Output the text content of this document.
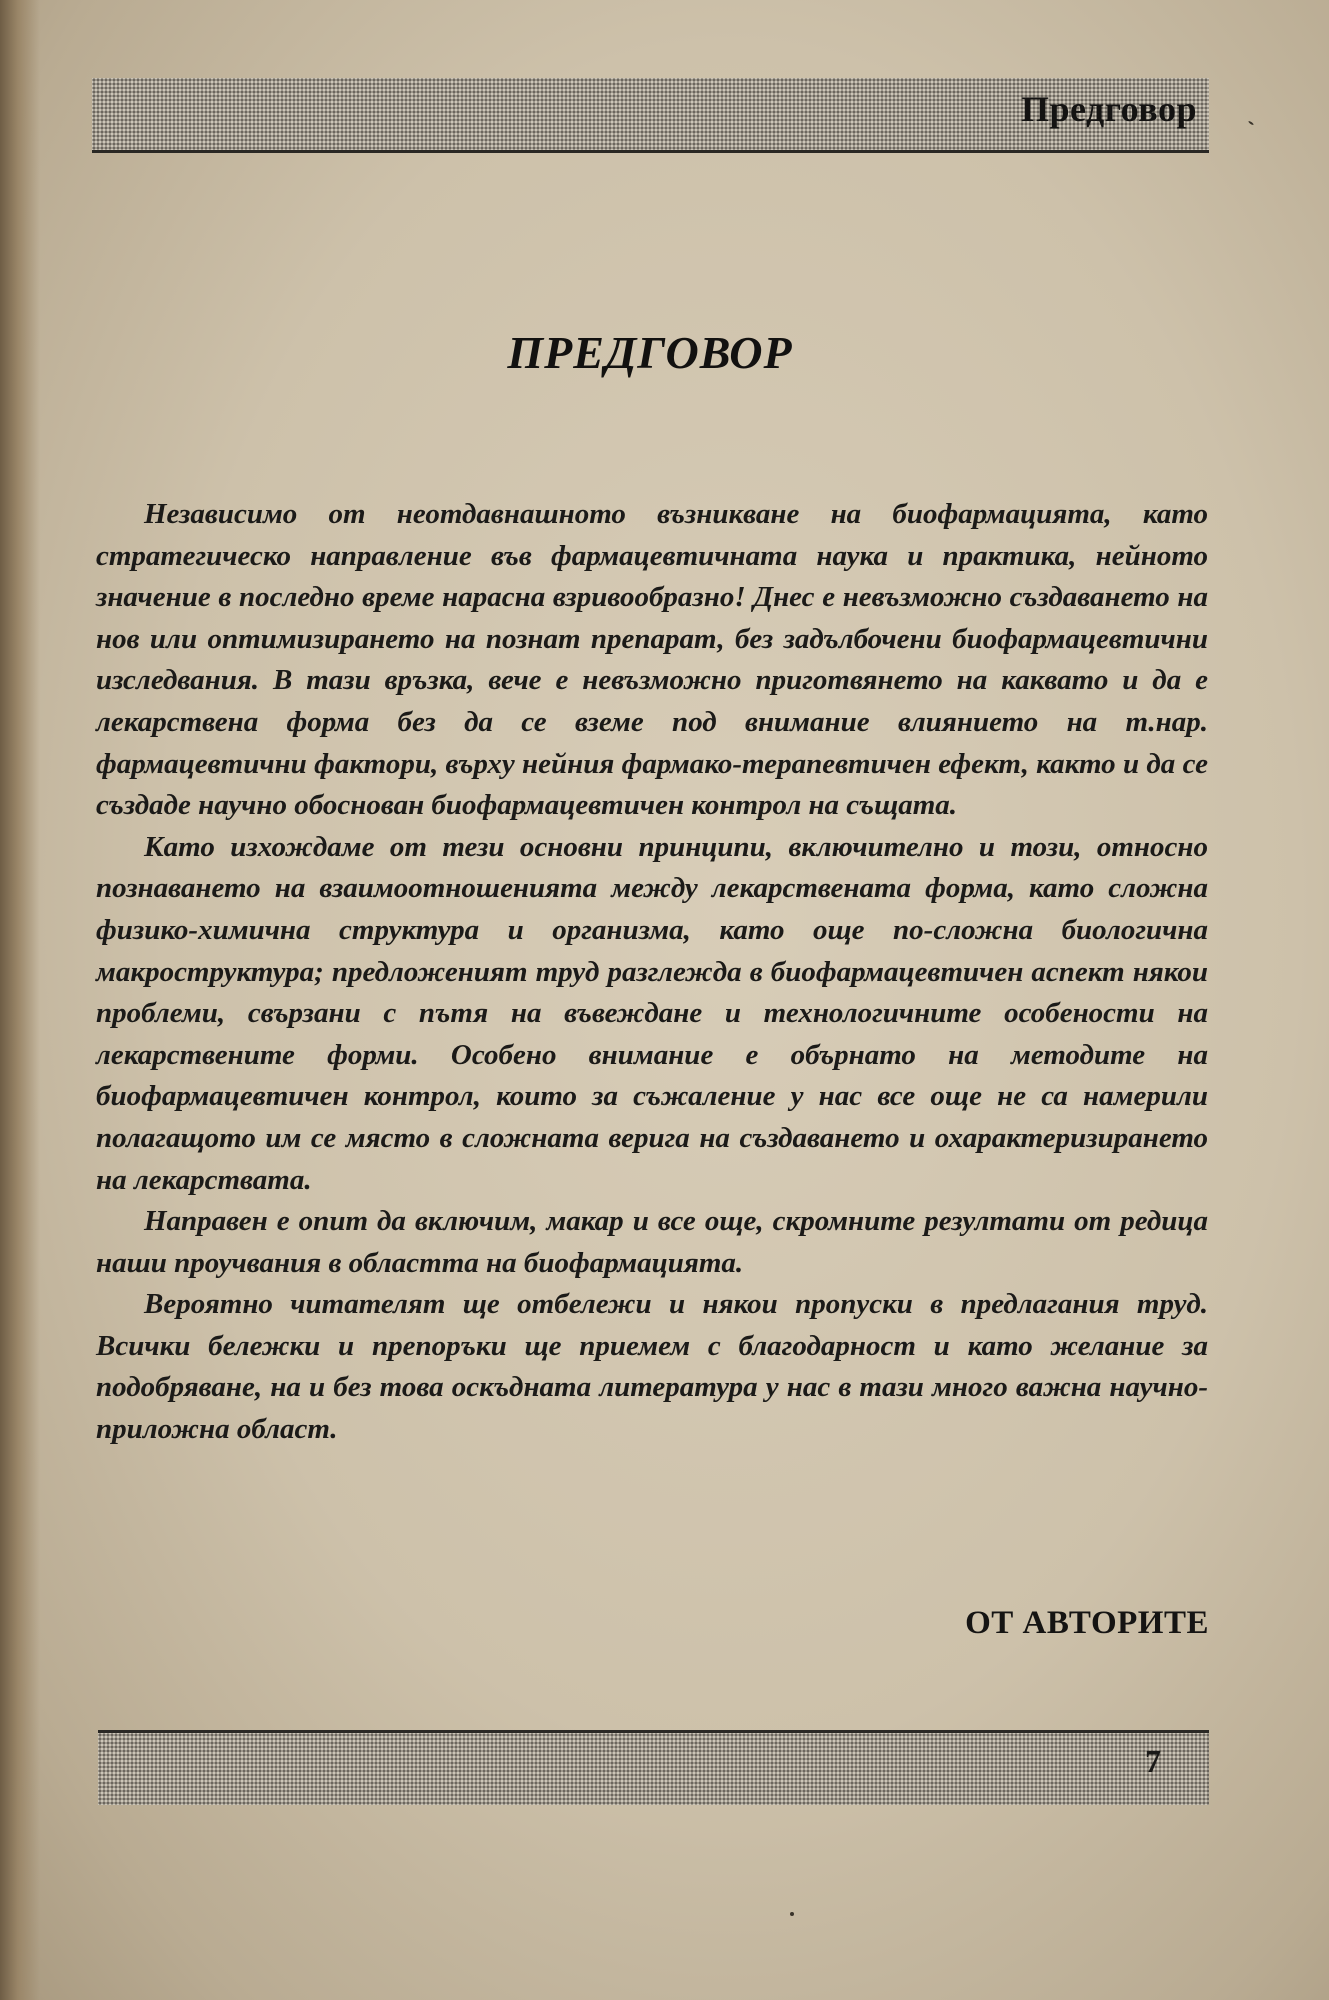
Предговор
ПРЕДГОВОР

Независимо от неотдавнашното възникване на биофармацията, като стратегическо направление във фармацевтичната наука и практика, нейното значение в последно време нарасна взривообразно! Днес е невъзможно създаването на нов или оптимизирането на познат препарат, без задълбочени биофармацевтични изследвания. В тази връзка, вече е невъзможно приготвянето на каквато и да е лекарствена форма без да се вземе под внимание влиянието на т.нар. фармацевтични фактори, върху нейния фармако-терапевтичен ефект, както и да се създаде научно обоснован биофармацевтичен контрол на същата.

Като изхождаме от тези основни принципи, включително и този, относно познаването на взаимоотношенията между лекарствената форма, като сложна физико-химична структура и организма, като още по-сложна биологична макроструктура; предложеният труд разглежда в биофармацевтичен аспект някои проблеми, свързани с пътя на въвеждане и технологичните особености на лекарствените форми. Особено внимание е обърнато на методите на биофармацевтичен контрол, които за съжаление у нас все още не са намерили полагащото им се място в сложната верига на създаването и охарактеризирането на лекарствата.

Направен е опит да включим, макар и все още, скромните резултати от редица наши проучвания в областта на биофармацията.

Вероятно читателят ще отбележи и някои пропуски в предлагания труд. Всички бележки и препоръки ще приемем с благодарност и като желание за подобряване, на и без това оскъдната литература у нас в тази много важна научно-приложна област.

ОТ АВТОРИТЕ
7
